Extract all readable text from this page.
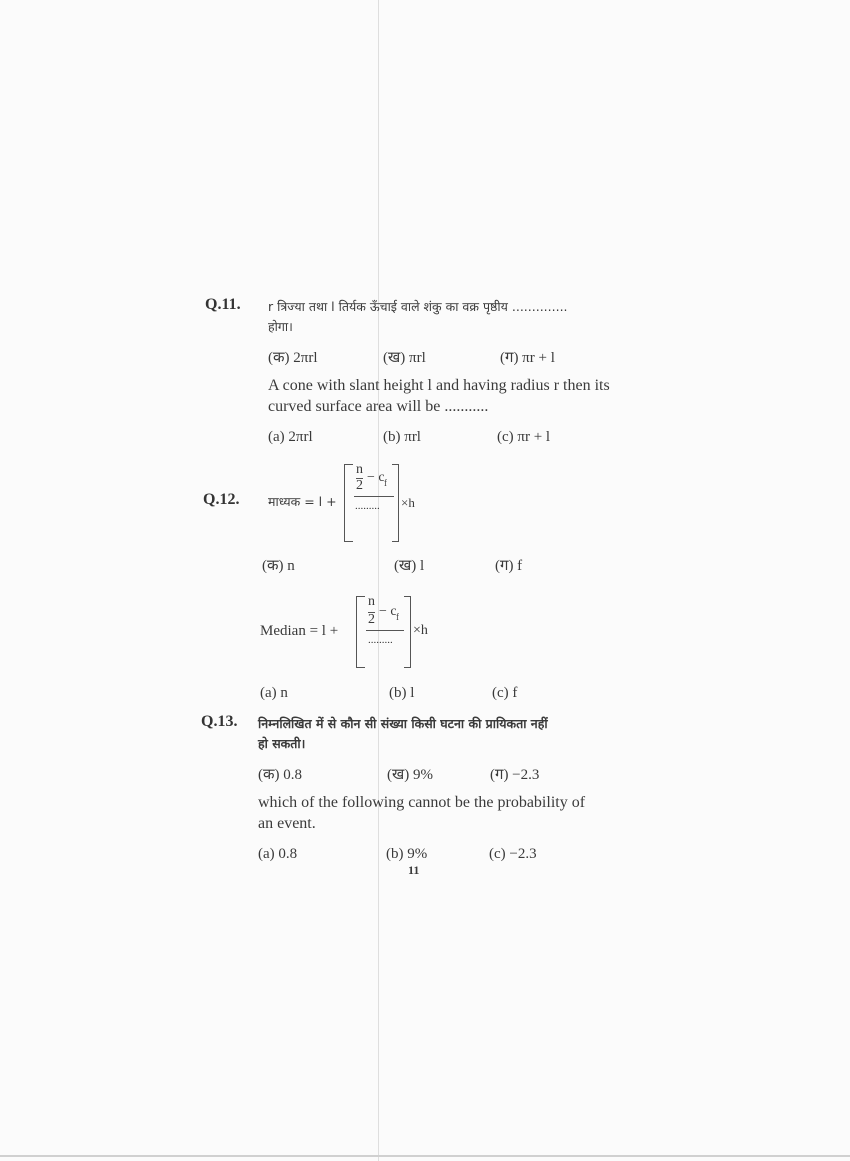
Q.11. r त्रिज्या तथा l तिर्यक ऊँचाई वाले शंकु का वक्र पृष्ठीय ..............
होगा।
(क) 2πrl	(ख) πrl	(ग) πr + l
A cone with slant height l and having radius r then its
curved surface area will be ...........
(a) 2πrl	(b) πrl	(c) πr + l
Q.12. माध्यक = l +
n
2
− c f
......... ×h
(क) n	(ख) l	(ग) f
Median = l +
n
2
− c f
.........
×h
(a) n	(b) l	(c) f
Q.13. निम्नलिखित में से कौन सी संख्या किसी घटना की प्रायिकता नहीं
हो सकती।
(क) 0.8	(ख) 9%	(ग) −2.3
which of the following cannot be the probability of
an event.
(a) 0.8	(b) 9%	(c) −2.3
11
